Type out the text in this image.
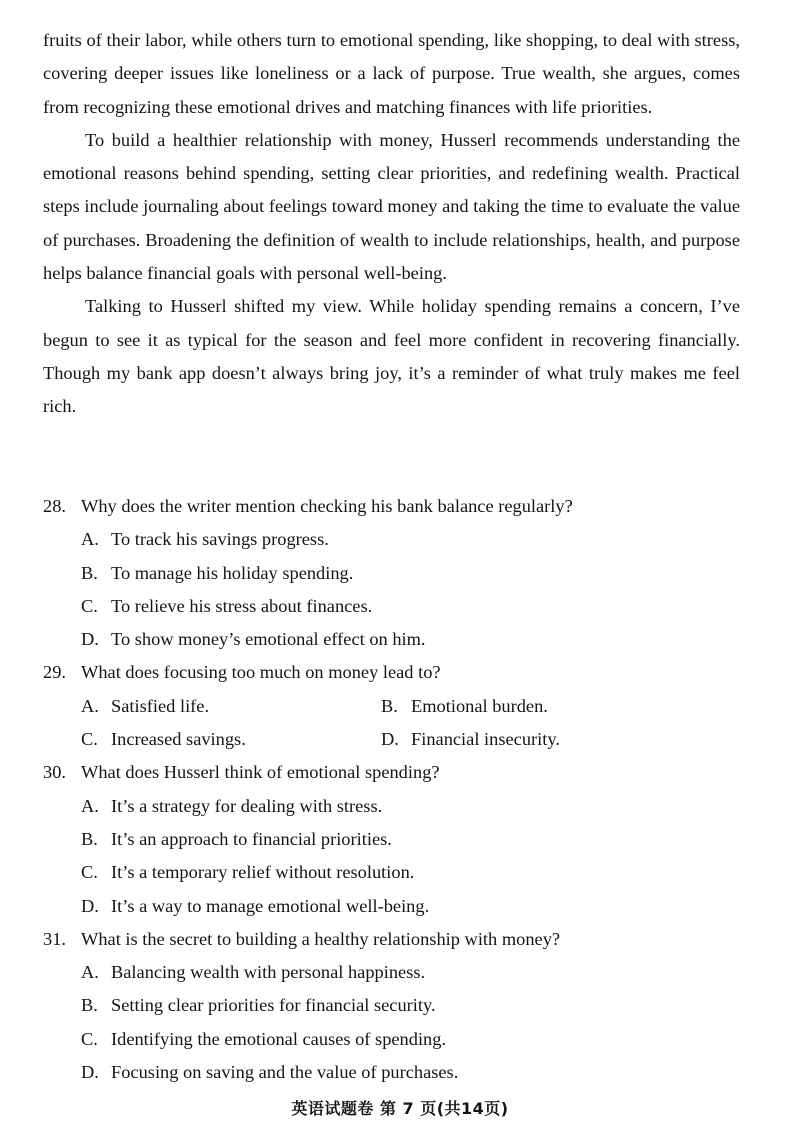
fruits of their labor, while others turn to emotional spending, like shopping, to deal with stress, covering deeper issues like loneliness or a lack of purpose. True wealth, she argues, comes from recognizing these emotional drives and matching finances with life priorities.

To build a healthier relationship with money, Husserl recommends understanding the emotional reasons behind spending, setting clear priorities, and redefining wealth. Practical steps include journaling about feelings toward money and taking the time to evaluate the value of purchases. Broadening the definition of wealth to include relationships, health, and purpose helps balance financial goals with personal well-being.

Talking to Husserl shifted my view. While holiday spending remains a concern, I’ve begun to see it as typical for the season and feel more confident in recovering financially. Though my bank app doesn’t always bring joy, it’s a reminder of what truly makes me feel rich.

28. Why does the writer mention checking his bank balance regularly?
A. To track his savings progress.
B. To manage his holiday spending.
C. To relieve his stress about finances.
D. To show money’s emotional effect on him.
29. What does focusing too much on money lead to?
A. Satisfied life.	B. Emotional burden.
C. Increased savings.	D. Financial insecurity.
30. What does Husserl think of emotional spending?
A. It’s a strategy for dealing with stress.
B. It’s an approach to financial priorities.
C. It’s a temporary relief without resolution.
D. It’s a way to manage emotional well-being.
31. What is the secret to building a healthy relationship with money?
A. Balancing wealth with personal happiness.
B. Setting clear priorities for financial security.
C. Identifying the emotional causes of spending.
D. Focusing on saving and the value of purchases.
英语试题卷 第 7 页(共14页)
